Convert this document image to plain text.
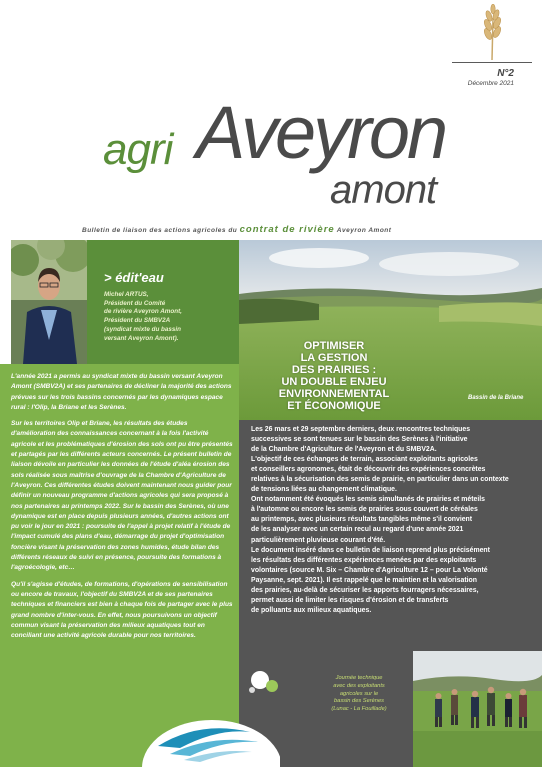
N°2
Décembre 2021
agri Aveyron
amont
Bulletin de liaison des actions agricoles du contrat de rivière Aveyron Amont
> édit'eau
Michel ARTUS,
Président du Comité
de rivière Aveyron Amont,
Président du SMBV2A
(syndicat mixte du bassin
versant Aveyron Amont).

L'année 2021 a permis au syndicat mixte du bassin versant Aveyron Amont (SMBV2A) et ses partenaires de décliner la majorité des actions prévues sur les trois bassins concernés par les dynamiques espace rural : l'Olip, la Briane et les Serènes.

Sur les territoires Olip et Briane, les résultats des études d'amélioration des connaissances concernant à la fois l'activité agricole et les problématiques d'érosion des sols ont pu être présentés et partagés par les différents acteurs concernés. Le présent bulletin de liaison dévoile en particulier les données de l'étude d'aléa érosion des sols réalisée sous maîtrise d'ouvrage de la Chambre d'Agriculture de l'Aveyron. Ces différentes études doivent maintenant nous guider pour définir un nouveau programme d'actions agricoles qui sera proposé à nos partenaires au printemps 2022. Sur le bassin des Serènes, où une dynamique est en place depuis plusieurs années, d'autres actions ont pu voir le jour en 2021 : poursuite de l'appel à projet relatif à l'étude de l'impact cumulé des plans d'eau, démarrage du projet d'optimisation foncière visant la préservation des zones humides, étude bilan des différents réseaux de suivi en présence, poursuite des formations à l'agroécologie, etc…

Qu'il s'agisse d'études, de formations, d'opérations de sensibilisation ou encore de travaux, l'objectif du SMBV2A et de ses partenaires techniques et financiers est bien à chaque fois de partager avec le plus grand nombre d'inter-vous. En effet, nous poursuivons un objectif commun visant la préservation des milieux aquatiques tout en conciliant une activité agricole durable pour nos territoires.

Bassin de la Briane
OPTIMISER
LA GESTION
DES PRAIRIES :
UN DOUBLE ENJEU
ENVIRONNEMENTAL
ET ÉCONOMIQUE

Les 26 mars et 29 septembre derniers, deux rencontres techniques

successives se sont tenues sur le bassin des Serènes à l'initiative

de la Chambre d'Agriculture de l'Aveyron et du SMBV2A.

L'objectif de ces échanges de terrain, associant exploitants agricoles

et conseillers agronomes, était de découvrir des expériences concrètes

relatives à la sécurisation des semis de prairie, en particulier dans un contexte

de tensions liées au changement climatique.

Ont notamment été évoqués les semis simultanés de prairies et méteils

à l'automne ou encore les semis de prairies sous couvert de céréales

au printemps, avec plusieurs résultats tangibles même s'il convient

de les analyser avec un certain recul au regard d'une année 2021

particulièrement pluvieuse courant d'été.

Le document inséré dans ce bulletin de liaison reprend plus précisément

les résultats des différentes expériences menées par des exploitants

volontaires (source M. Six – Chambre d'Agriculture 12 – pour La Volonté

Paysanne, sept. 2021). Il est rappelé que le maintien et la valorisation

des prairies, au-delà de sécuriser les apports fourragers nécessaires,

permet aussi de limiter les risques d'érosion et de transferts

de polluants aux milieux aquatiques.

Journée technique
avec des exploitants
agricoles sur le
bassin des Serènes
(Lunac - La Fouillade)
